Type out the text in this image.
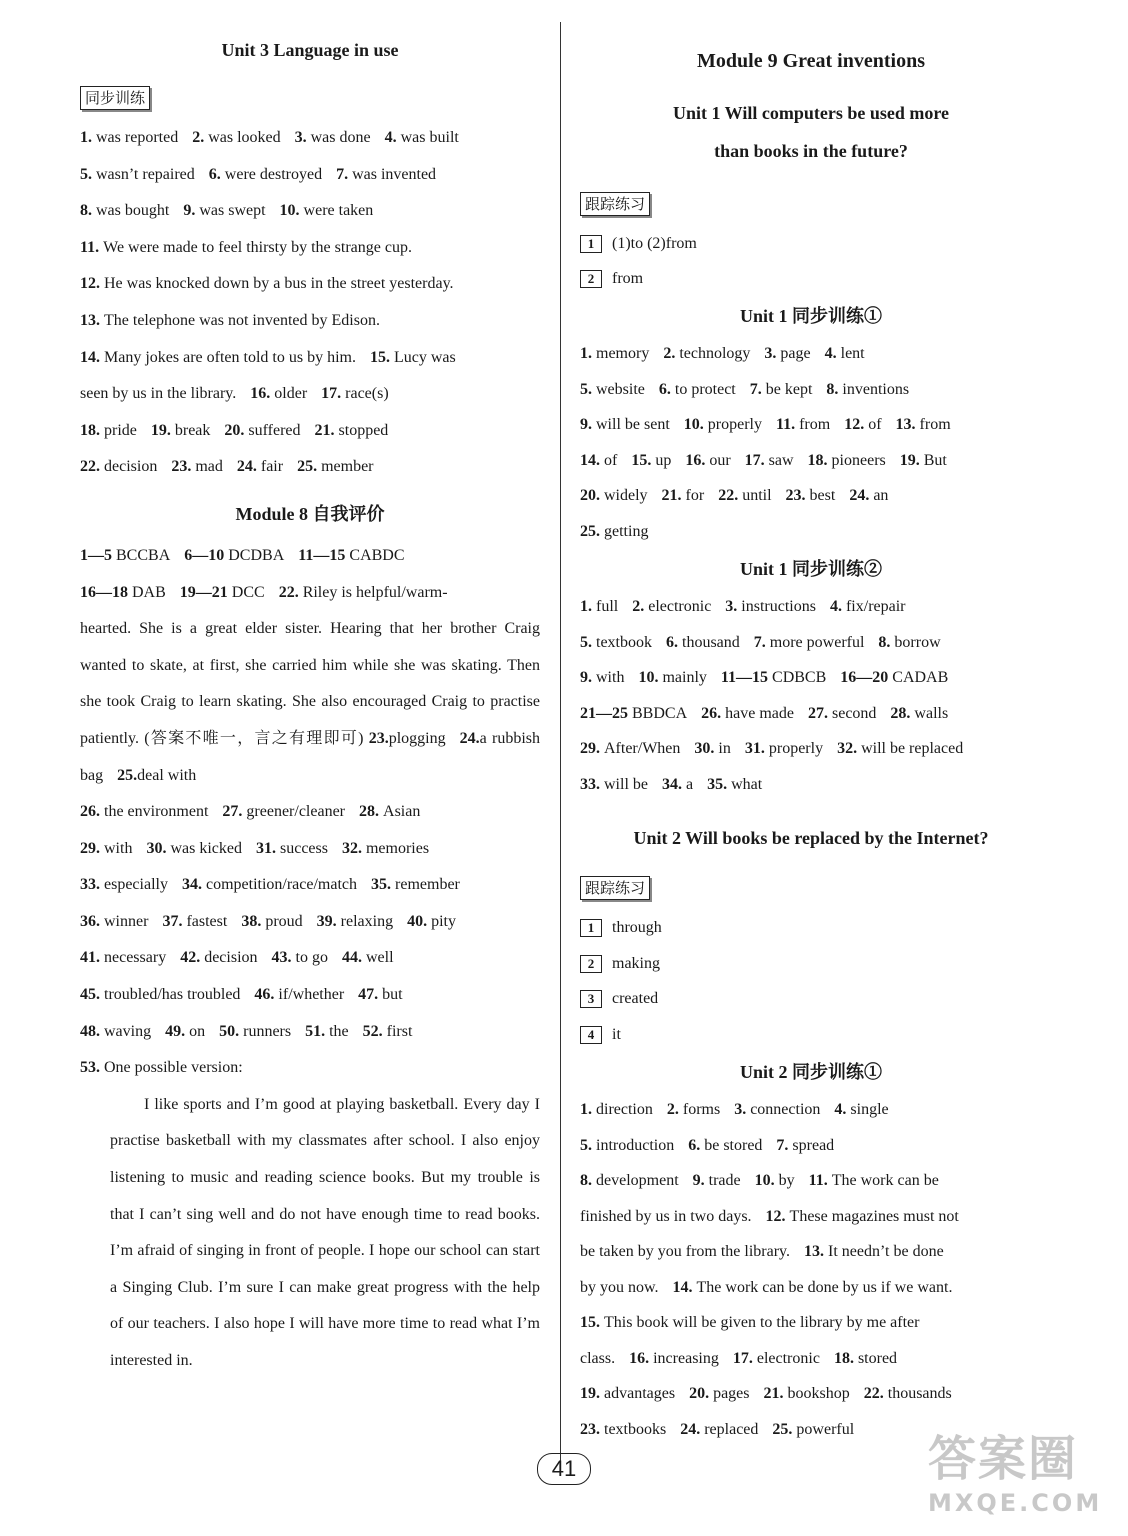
Unit 3 Language in use
同步训练
1. was reported 2. was looked 3. was done 4. was built
5. wasn’t repaired 6. were destroyed 7. was invented
8. was bought 9. was swept 10. were taken
11. We were made to feel thirsty by the strange cup.
12. He was knocked down by a bus in the street yesterday.
13. The telephone was not invented by Edison.
14. Many jokes are often told to us by him. 15. Lucy was
seen by us in the library. 16. older 17. race(s)
18. pride 19. break 20. suffered 21. stopped
22. decision 23. mad 24. fair 25. member
Module 8 自我评价
1—5 BCCBA 6—10 DCDBA 11—15 CABDC
16—18 DAB 19—21 DCC 22. Riley is helpful/warm-
hearted. She is a great elder sister. Hearing that her brother Craig wanted to skate, at first, she carried him while she was skating. Then she took Craig to learn skating. She also encouraged Craig to practise patiently. (答案不唯一，言之有理即可) 23.plogging 24.a rubbish bag 25.deal with
26. the environment 27. greener/cleaner 28. Asian
29. with 30. was kicked 31. success 32. memories
33. especially 34. competition/race/match 35. remember
36. winner 37. fastest 38. proud 39. relaxing 40. pity
41. necessary 42. decision 43. to go 44. well
45. troubled/has troubled 46. if/whether 47. but
48. waving 49. on 50. runners 51. the 52. first
53. One possible version:
I like sports and I’m good at playing basketball. Every day I practise basketball with my classmates after school. I also enjoy listening to music and reading science books. But my trouble is that I can’t sing well and do not have enough time to read books. I’m afraid of singing in front of people. I hope our school can start a Singing Club. I’m sure I can make great progress with the help of our teachers. I also hope I will have more time to read what I’m interested in.
Module 9 Great inventions
Unit 1 Will computers be used more
than books in the future?
跟踪练习
1 (1)to (2)from
2 from
Unit 1 同步训练①
1. memory 2. technology 3. page 4. lent
5. website 6. to protect 7. be kept 8. inventions
9. will be sent 10. properly 11. from 12. of 13. from
14. of 15. up 16. our 17. saw 18. pioneers 19. But
20. widely 21. for 22. until 23. best 24. an
25. getting
Unit 1 同步训练②
1. full 2. electronic 3. instructions 4. fix/repair
5. textbook 6. thousand 7. more powerful 8. borrow
9. with 10. mainly 11—15 CDBCB 16—20 CADAB
21—25 BBDCA 26. have made 27. second 28. walls
29. After/When 30. in 31. properly 32. will be replaced
33. will be 34. a 35. what
Unit 2 Will books be replaced by the Internet?
跟踪练习
1 through
2 making
3 created
4 it
Unit 2 同步训练①
1. direction 2. forms 3. connection 4. single
5. introduction 6. be stored 7. spread
8. development 9. trade 10. by 11. The work can be
finished by us in two days. 12. These magazines must not
be taken by you from the library. 13. It needn’t be done
by you now. 14. The work can be done by us if we want.
15. This book will be given to the library by me after
class. 16. increasing 17. electronic 18. stored
19. advantages 20. pages 21. bookshop 22. thousands
23. textbooks 24. replaced 25. powerful
41	答案圈
MXQE.COM
